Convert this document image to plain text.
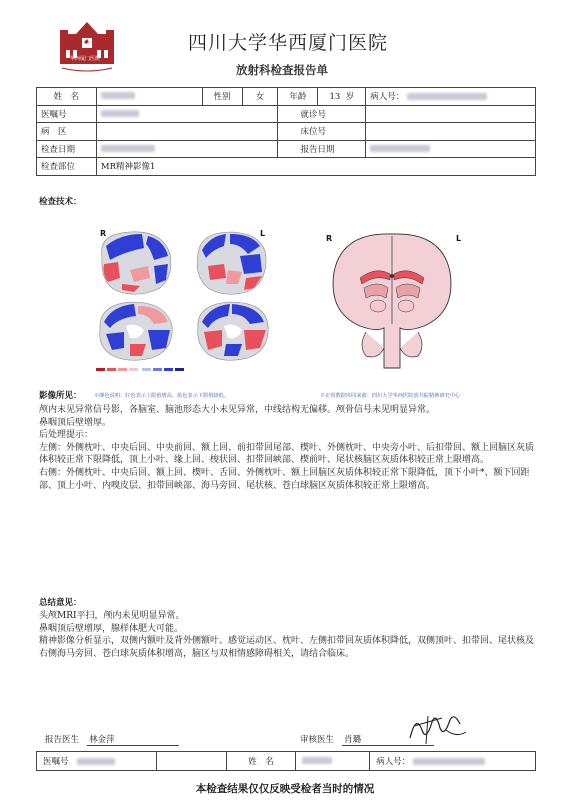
华西厦门医院
四川大学华西厦门医院
放射科检查报告单
姓　名		性别	女	年龄	13 岁	病人号：
医嘱号				就诊号		
病　区				床位号		
检查日期				报告日期		
检查部位	MR精神影像1					
检查技术：
R	L
R	L
影像所见： ※颜色说明：红色表示上限值增高，蓝色表示下限值降低。	※正常数据库同来源：四川大学华西医院放共振精神研究中心
颅内未见异常信号影，各脑室、脑池形态大小未见异常，中线结构无偏移。颅骨信号未见明显异常。
鼻咽顶后壁增厚。
后处理提示：
左侧：外侧枕叶、中央后回、中央前回、额上回、前扣带回尾部、楔叶、外侧枕叶、中央旁小叶、后扣带回、额上回脑区灰质体积较正常下限降低，顶上小叶、缘上回、梭状回、扣带回峡部、楔前叶、尾状核脑区灰质体积较正常上限增高。
右侧：外侧枕叶、中央后回、额上回、楔叶、舌回、外侧枕叶、额上回脑区灰质体积较正常下限降低，顶下小叶*、额下回距部、顶上小叶、内嗅皮层、扣带回峡部、海马旁回、尾状核、苍白球脑区灰质体积较正常上限增高。
总结意见：
头颅MRI平扫，颅内未见明显异常。
鼻咽顶后壁增厚，腺样体肥大可能。
精神影像分析显示，双侧内额叶及背外侧额叶、感觉运动区、枕叶、左侧扣带回灰质体积降低，双侧顶叶、扣带回、尾状核及右侧海马旁回、苍白球灰质体积增高，脑区与双相情感障碍相关，请结合临床。
报告医生 林金萍	审核医生 肖璐
医嘱号		姓　名		病人号：
本检查结果仅仅反映受检者当时的情况
